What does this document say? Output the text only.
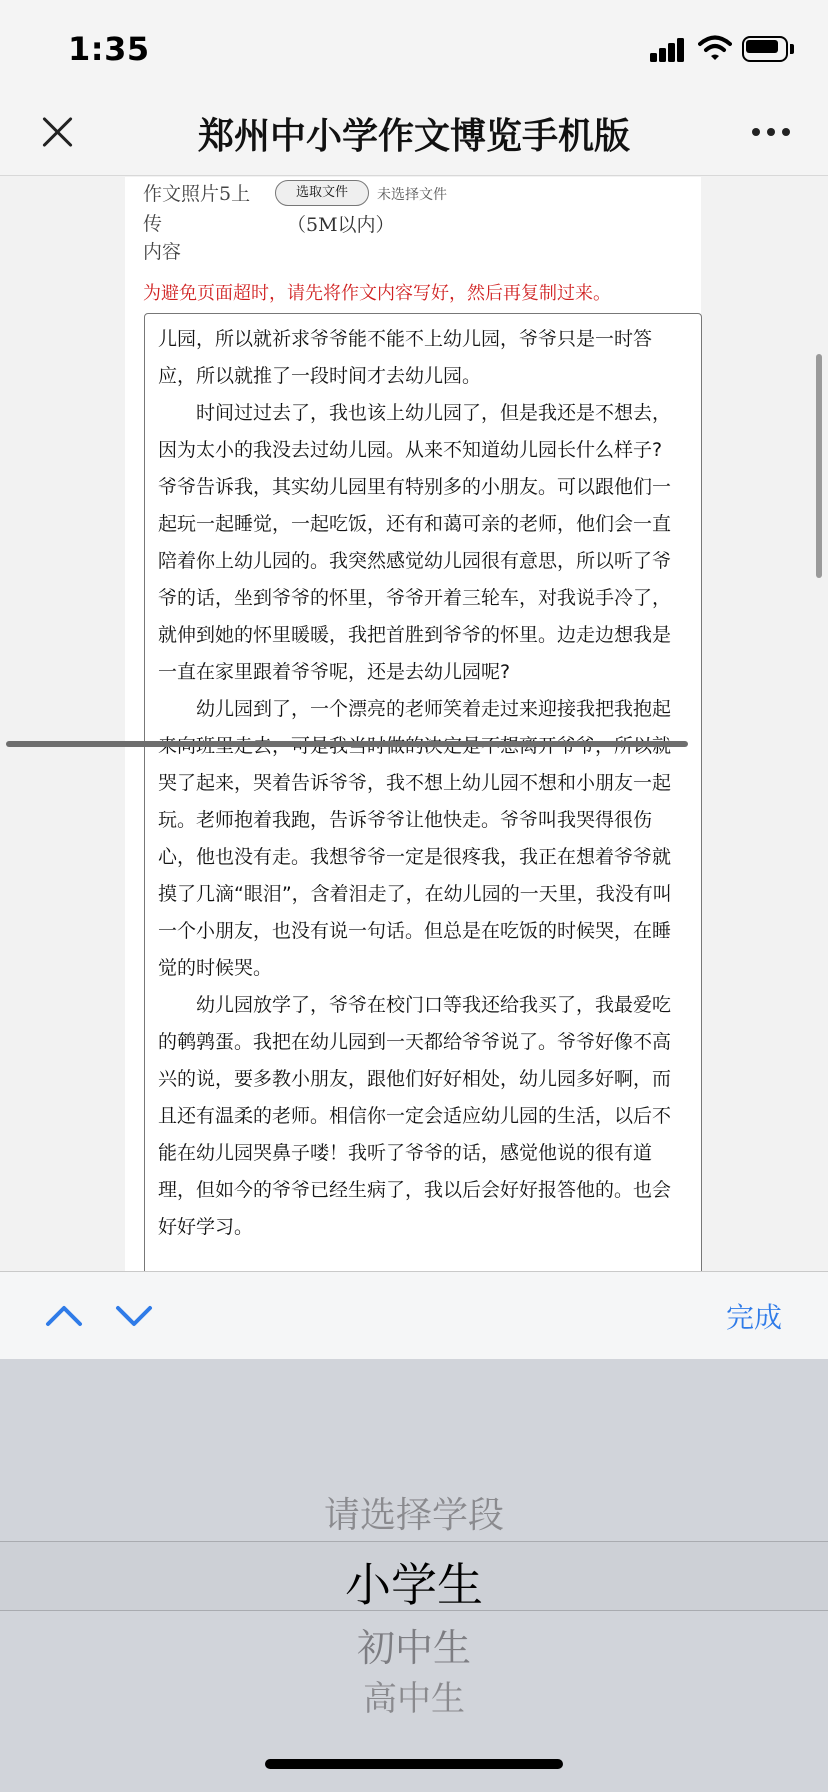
1:35
郑州中小学作文博览手机版
作文照片5上
传
选取文件	未选择文件
（5M以内）
内容
为避免页面超时，请先将作文内容写好，然后再复制过来。
儿园，所以就祈求爷爷能不能不上幼儿园，爷爷只是一时答
应，所以就推了一段时间才去幼儿园。
　　时间过过去了，我也该上幼儿园了，但是我还是不想去，
因为太小的我没去过幼儿园。从来不知道幼儿园长什么样子?
爷爷告诉我，其实幼儿园里有特别多的小朋友。可以跟他们一
起玩一起睡觉，一起吃饭，还有和蔼可亲的老师，他们会一直
陪着你上幼儿园的。我突然感觉幼儿园很有意思，所以听了爷
爷的话，坐到爷爷的怀里，爷爷开着三轮车，对我说手冷了，
就伸到她的怀里暖暖，我把首胜到爷爷的怀里。边走边想我是
一直在家里跟着爷爷呢，还是去幼儿园呢?
　　幼儿园到了，一个漂亮的老师笑着走过来迎接我把我抱起
哭了起来，哭着告诉爷爷，我不想上幼儿园不想和小朋友一起
玩。老师抱着我跑，告诉爷爷让他快走。爷爷叫我哭得很伤
心，他也没有走。我想爷爷一定是很疼我，我正在想着爷爷就
摸了几滴“眼泪”，含着泪走了，在幼儿园的一天里，我没有叫
一个小朋友，也没有说一句话。但总是在吃饭的时候哭，在睡
觉的时候哭。
　　幼儿园放学了，爷爷在校门口等我还给我买了，我最爱吃
的鹌鹑蛋。我把在幼儿园到一天都给爷爷说了。爷爷好像不高
兴的说，要多教小朋友，跟他们好好相处，幼儿园多好啊，而
且还有温柔的老师。相信你一定会适应幼儿园的生活，以后不
能在幼儿园哭鼻子喽！我听了爷爷的话，感觉他说的很有道
理，但如今的爷爷已经生病了，我以后会好好报答他的。也会
好好学习。
完成
请选择学段
小学生
初中生
高中生
